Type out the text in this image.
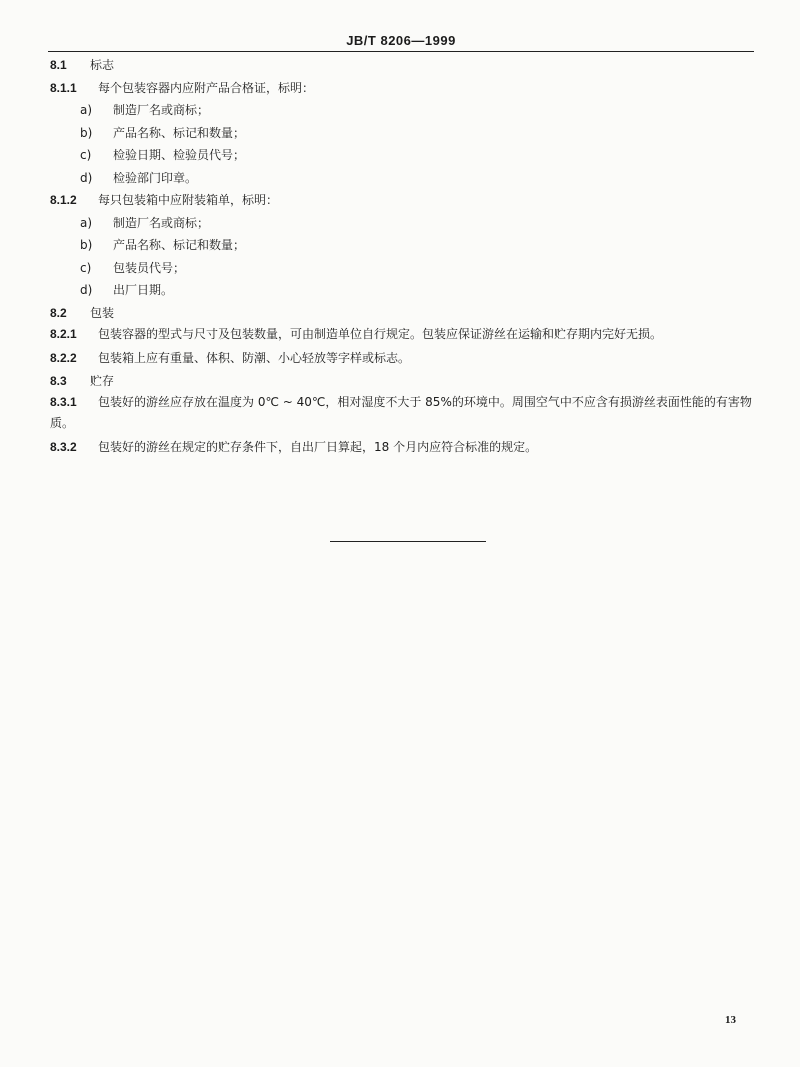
JB/T 8206—1999
8.1 标志
8.1.1 每个包装容器内应附产品合格证，标明：
a) 制造厂名或商标；
b) 产品名称、标记和数量；
c) 检验日期、检验员代号；
d) 检验部门印章。
8.1.2 每只包装箱中应附装箱单，标明：
a) 制造厂名或商标；
b) 产品名称、标记和数量；
c) 包装员代号；
d) 出厂日期。
8.2 包装
8.2.1 包装容器的型式与尺寸及包装数量，可由制造单位自行规定。包装应保证游丝在运输和贮存期内完好无损。
8.2.2 包装箱上应有重量、体积、防潮、小心轻放等字样或标志。
8.3 贮存
8.3.1 包装好的游丝应存放在温度为 0℃ ~ 40℃，相对湿度不大于 85%的环境中。周围空气中不应含有损游丝表面性能的有害物质。
8.3.2 包装好的游丝在规定的贮存条件下，自出厂日算起，18 个月内应符合标准的规定。
13
